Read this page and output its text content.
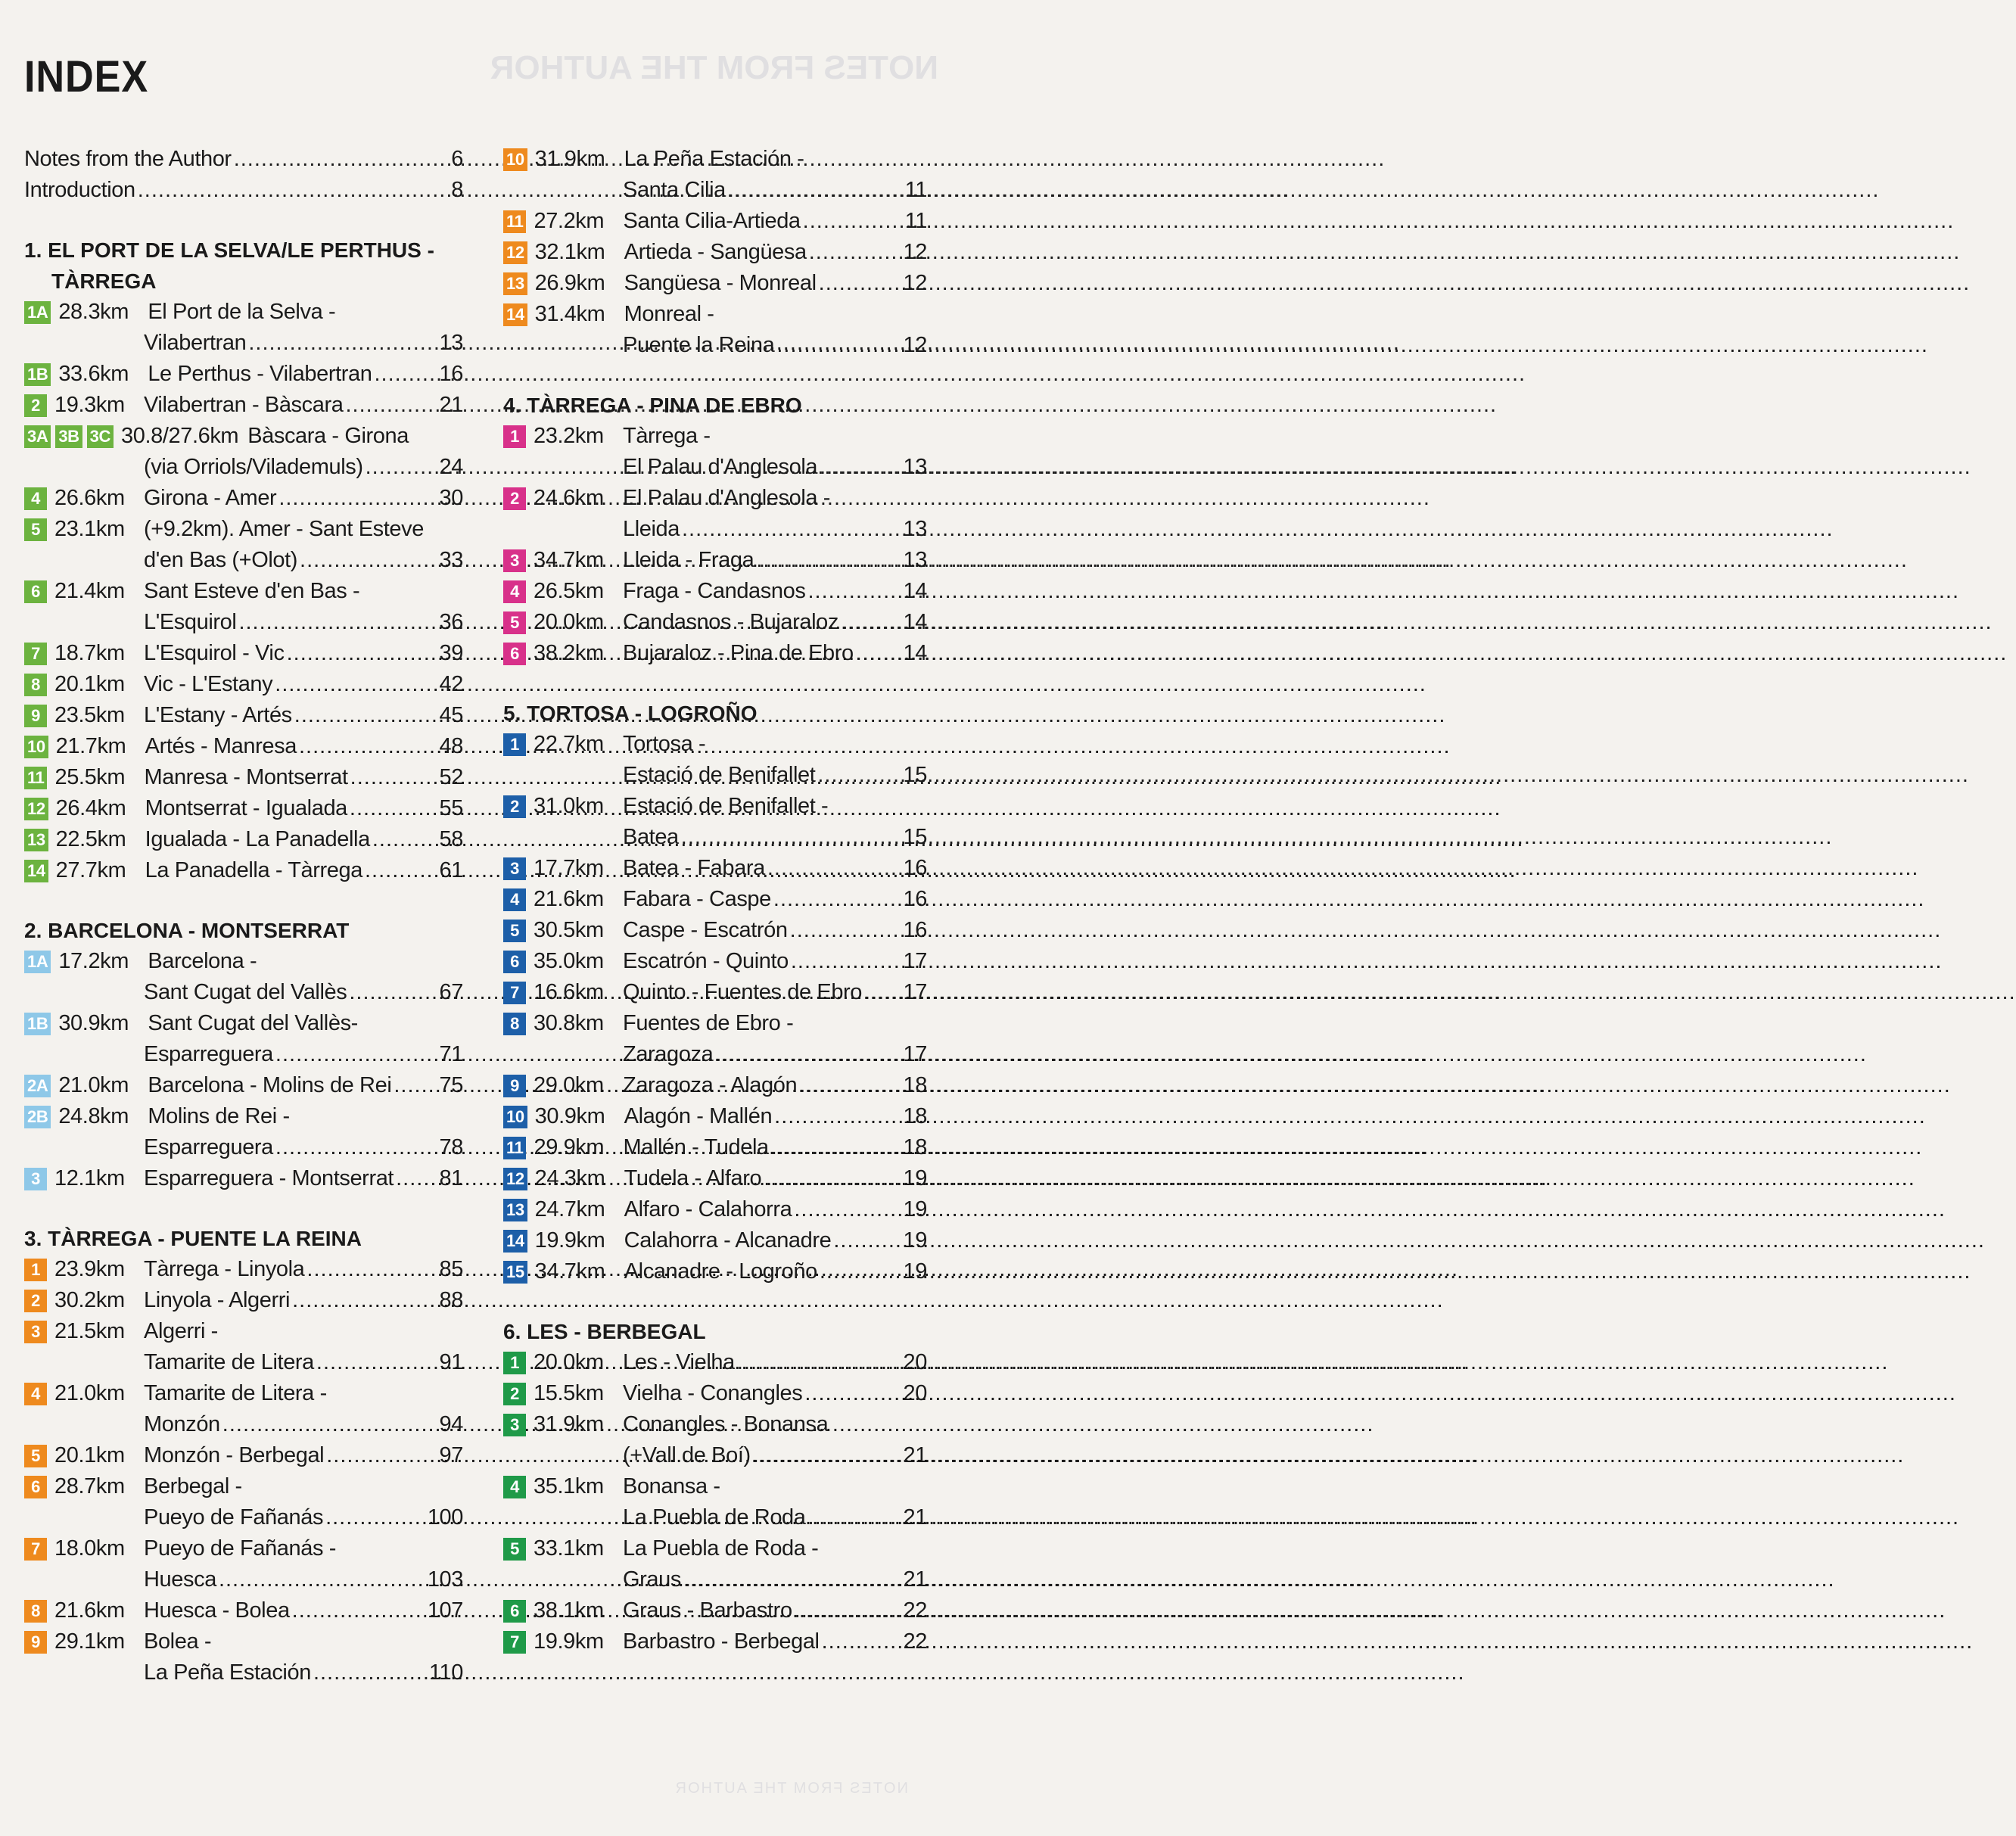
NOTES FROM THE AUTHOR
NOTES FROM THE AUTHOR
INDEX
Notes from the Author .....	6
Introduction .....	8
1. EL PORT DE LA SELVA/LE PERTHUS -
TÀRREGA
1A 28.3km El Port de la Selva -
Vilabertran .....	13
1B 33.6km Le Perthus - Vilabertran .....	16
2 19.3km Vilabertran - Bàscara .....	21
3A 3B 3C 30.8/27.6km Bàscara - Girona
(via Orriols/Vilademuls) .....	24
4 26.6km Girona - Amer .....	30
5 23.1km (+9.2km). Amer - Sant Esteve
d'en Bas (+Olot) .....	33
6 21.4km Sant Esteve d'en Bas -
L'Esquirol .....	36
7 18.7km L'Esquirol - Vic .....	39
8 20.1km Vic - L'Estany .....	42
9 23.5km L'Estany - Artés .....	45
10 21.7km Artés - Manresa .....	48
11 25.5km Manresa - Montserrat .....	52
12 26.4km Montserrat - Igualada .....	55
13 22.5km Igualada - La Panadella .....	58
14 27.7km La Panadella - Tàrrega .....	61
2. BARCELONA - MONTSERRAT
1A 17.2km Barcelona -
Sant Cugat del Vallès .....	67
1B 30.9km Sant Cugat del Vallès-
Esparreguera .....	71
2A 21.0km Barcelona - Molins de Rei ..... 75
2B 24.8km Molins de Rei -
Esparreguera .....	78
3 12.1km Esparreguera - Montserrat ..... 81
3. TÀRREGA - PUENTE LA REINA
1 23.9km Tàrrega - Linyola .....	85
2 30.2km Linyola - Algerri .....	88
3 21.5km Algerri -
Tamarite de Litera .....	91
4 21.0km Tamarite de Litera -
Monzón .....	94
5 20.1km Monzón - Berbegal .....	97
6 28.7km Berbegal -
Pueyo de Fañanás .....	100
7 18.0km Pueyo de Fañanás -
Huesca .....	103
8 21.6km Huesca - Bolea .....	107
9 29.1km Bolea -
La Peña Estación .....	110
10 31.9km La Peña Estación -
Santa Cilia .....	11
11 27.2km Santa Cilia-Artieda .....	11
12 32.1km Artieda - Sangüesa .....	12
13 26.9km Sangüesa - Monreal .....	12
14 31.4km Monreal -
Puente la Reina .....	12
4. TÀRREGA - PINA DE EBRO
1 23.2km Tàrrega -
El Palau d'Anglesola .....	13
2 24.6km El Palau d'Anglesola -
Lleida .....	13
3 34.7km Lleida - Fraga .....	13
4 26.5km Fraga - Candasnos .....	14
5 20.0km Candasnos - Bujaraloz .....	14
6 38.2km Bujaraloz - Pina de Ebro ..... 14
5. TORTOSA - LOGROÑO
1 22.7km Tortosa -
Estació de Benifallet .....	15
2 31.0km Estació de Benifallet -
Batea .....	15
3 17.7km Batea - Fabara .....	16
4 21.6km Fabara - Caspe .....	16
5 30.5km Caspe - Escatrón .....	16
6 35.0km Escatrón - Quinto .....	17
7 16.6km Quinto - Fuentes de Ebro ..... 17
8 30.8km Fuentes de Ebro -
Zaragoza .....	17
9 29.0km Zaragoza - Alagón .....	18
10 30.9km Alagón - Mallén .....	18
11 29.9km Mallén - Tudela .....	18
12 24.3km Tudela - Alfaro .....	19
13 24.7km Alfaro - Calahorra .....	19
14 19.9km Calahorra - Alcanadre .....	19
15 34.7km Alcanadre - Logroño .....	19
6. LES - BERBEGAL
1 20.0km Les - Vielha .....	20
2 15.5km Vielha - Conangles .....	20
3 31.9km Conangles - Bonansa
(+Vall de Boí) .....	21
4 35.1km Bonansa -
La Puebla de Roda .....	21
5 33.1km La Puebla de Roda -
Graus .....	21
6 38.1km Graus - Barbastro .....	22
7 19.9km Barbastro - Berbegal .....	22
